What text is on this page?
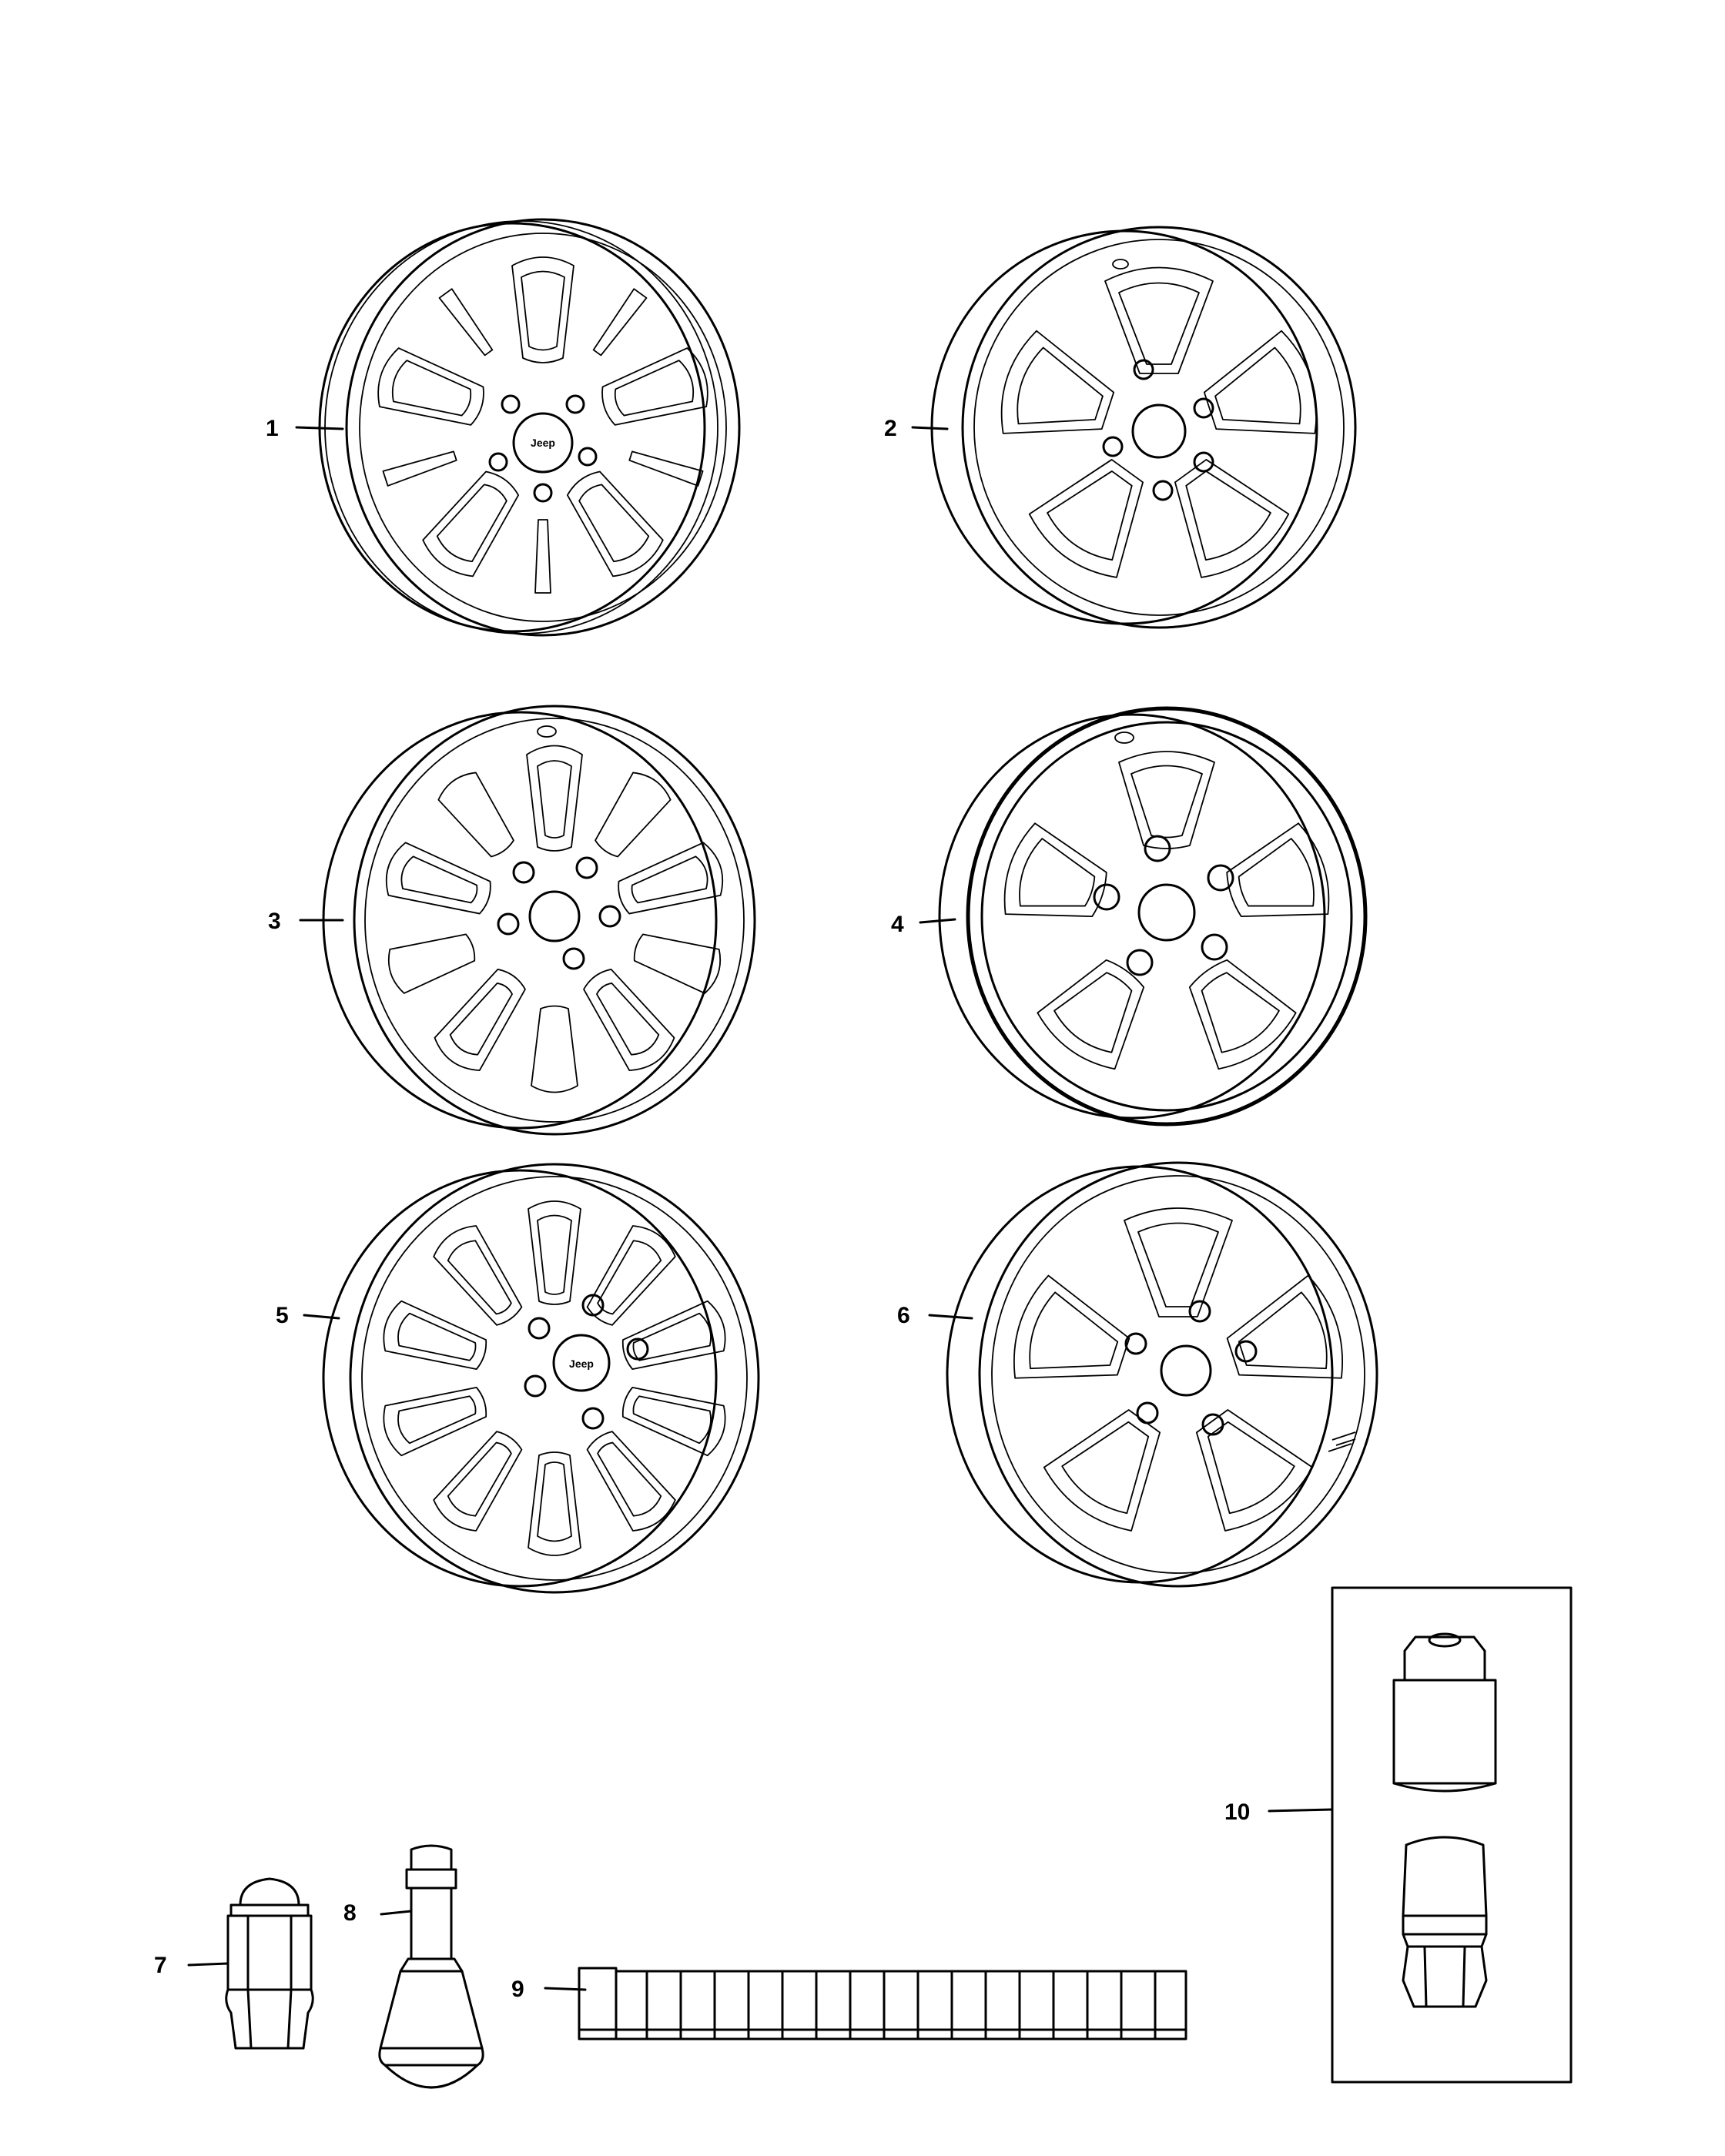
Jeep
Jeep
1	2
3	4
5	6
7
8
9
10
